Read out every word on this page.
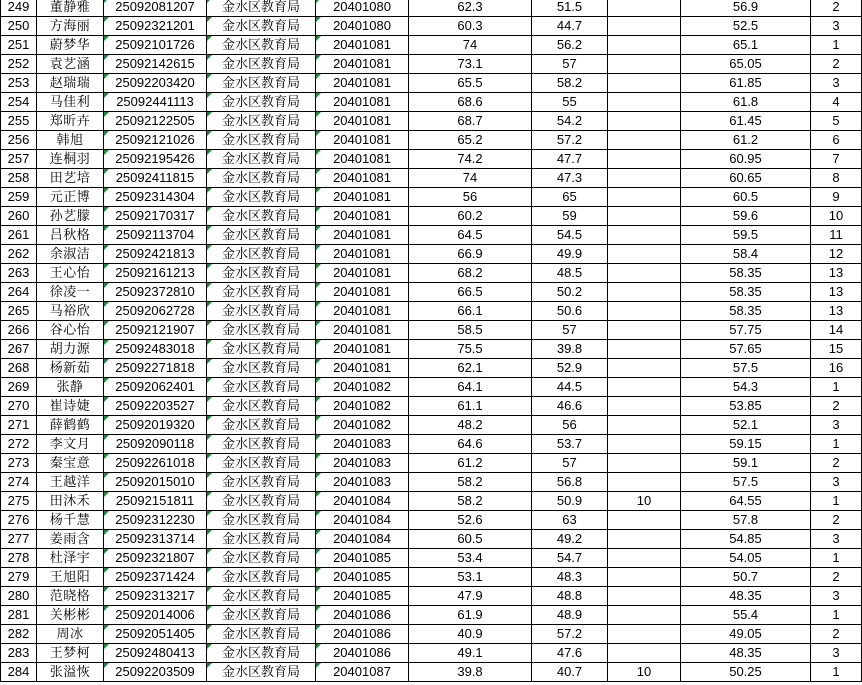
249	董静雅	25092081207	金水区教育局	20401080	62.3	51.5		56.9	2
250	方海丽	25092321201	金水区教育局	20401080	60.3	44.7		52.5	3
251	蔚梦华	25092101726	金水区教育局	20401081	74	56.2		65.1	1
252	袁艺涵	25092142615	金水区教育局	20401081	73.1	57		65.05	2
253	赵瑞瑞	25092203420	金水区教育局	20401081	65.5	58.2		61.85	3
254	马佳利	25092441113	金水区教育局	20401081	68.6	55		61.8	4
255	郑昕卉	25092122505	金水区教育局	20401081	68.7	54.2		61.45	5
256	韩旭	25092121026	金水区教育局	20401081	65.2	57.2		61.2	6
257	连桐羽	25092195426	金水区教育局	20401081	74.2	47.7		60.95	7
258	田艺培	25092411815	金水区教育局	20401081	74	47.3		60.65	8
259	元正博	25092314304	金水区教育局	20401081	56	65		60.5	9
260	孙艺朦	25092170317	金水区教育局	20401081	60.2	59		59.6	10
261	吕秋格	25092113704	金水区教育局	20401081	64.5	54.5		59.5	11
262	余淑洁	25092421813	金水区教育局	20401081	66.9	49.9		58.4	12
263	王心怡	25092161213	金水区教育局	20401081	68.2	48.5		58.35	13
264	徐凌一	25092372810	金水区教育局	20401081	66.5	50.2		58.35	13
265	马裕欣	25092062728	金水区教育局	20401081	66.1	50.6		58.35	13
266	谷心怡	25092121907	金水区教育局	20401081	58.5	57		57.75	14
267	胡力源	25092483018	金水区教育局	20401081	75.5	39.8		57.65	15
268	杨新茹	25092271818	金水区教育局	20401081	62.1	52.9		57.5	16
269	张静	25092062401	金水区教育局	20401082	64.1	44.5		54.3	1
270	崔诗婕	25092203527	金水区教育局	20401082	61.1	46.6		53.85	2
271	薛鹤鹤	25092019320	金水区教育局	20401082	48.2	56		52.1	3
272	李文月	25092090118	金水区教育局	20401083	64.6	53.7		59.15	1
273	秦宝意	25092261018	金水区教育局	20401083	61.2	57		59.1	2
274	王越洋	25092015010	金水区教育局	20401083	58.2	56.8		57.5	3
275	田沐禾	25092151811	金水区教育局	20401084	58.2	50.9	10	64.55	1
276	杨千慧	25092312230	金水区教育局	20401084	52.6	63		57.8	2
277	姜雨含	25092313714	金水区教育局	20401084	60.5	49.2		54.85	3
278	杜泽宇	25092321807	金水区教育局	20401085	53.4	54.7		54.05	1
279	王旭阳	25092371424	金水区教育局	20401085	53.1	48.3		50.7	2
280	范晓格	25092313217	金水区教育局	20401085	47.9	48.8		48.35	3
281	关彬彬	25092014006	金水区教育局	20401086	61.9	48.9		55.4	1
282	周冰	25092051405	金水区教育局	20401086	40.9	57.2		49.05	2
283	王梦柯	25092480413	金水区教育局	20401086	49.1	47.6		48.35	3
284	张溢恢	25092203509	金水区教育局	20401087	39.8	40.7	10	50.25	1
